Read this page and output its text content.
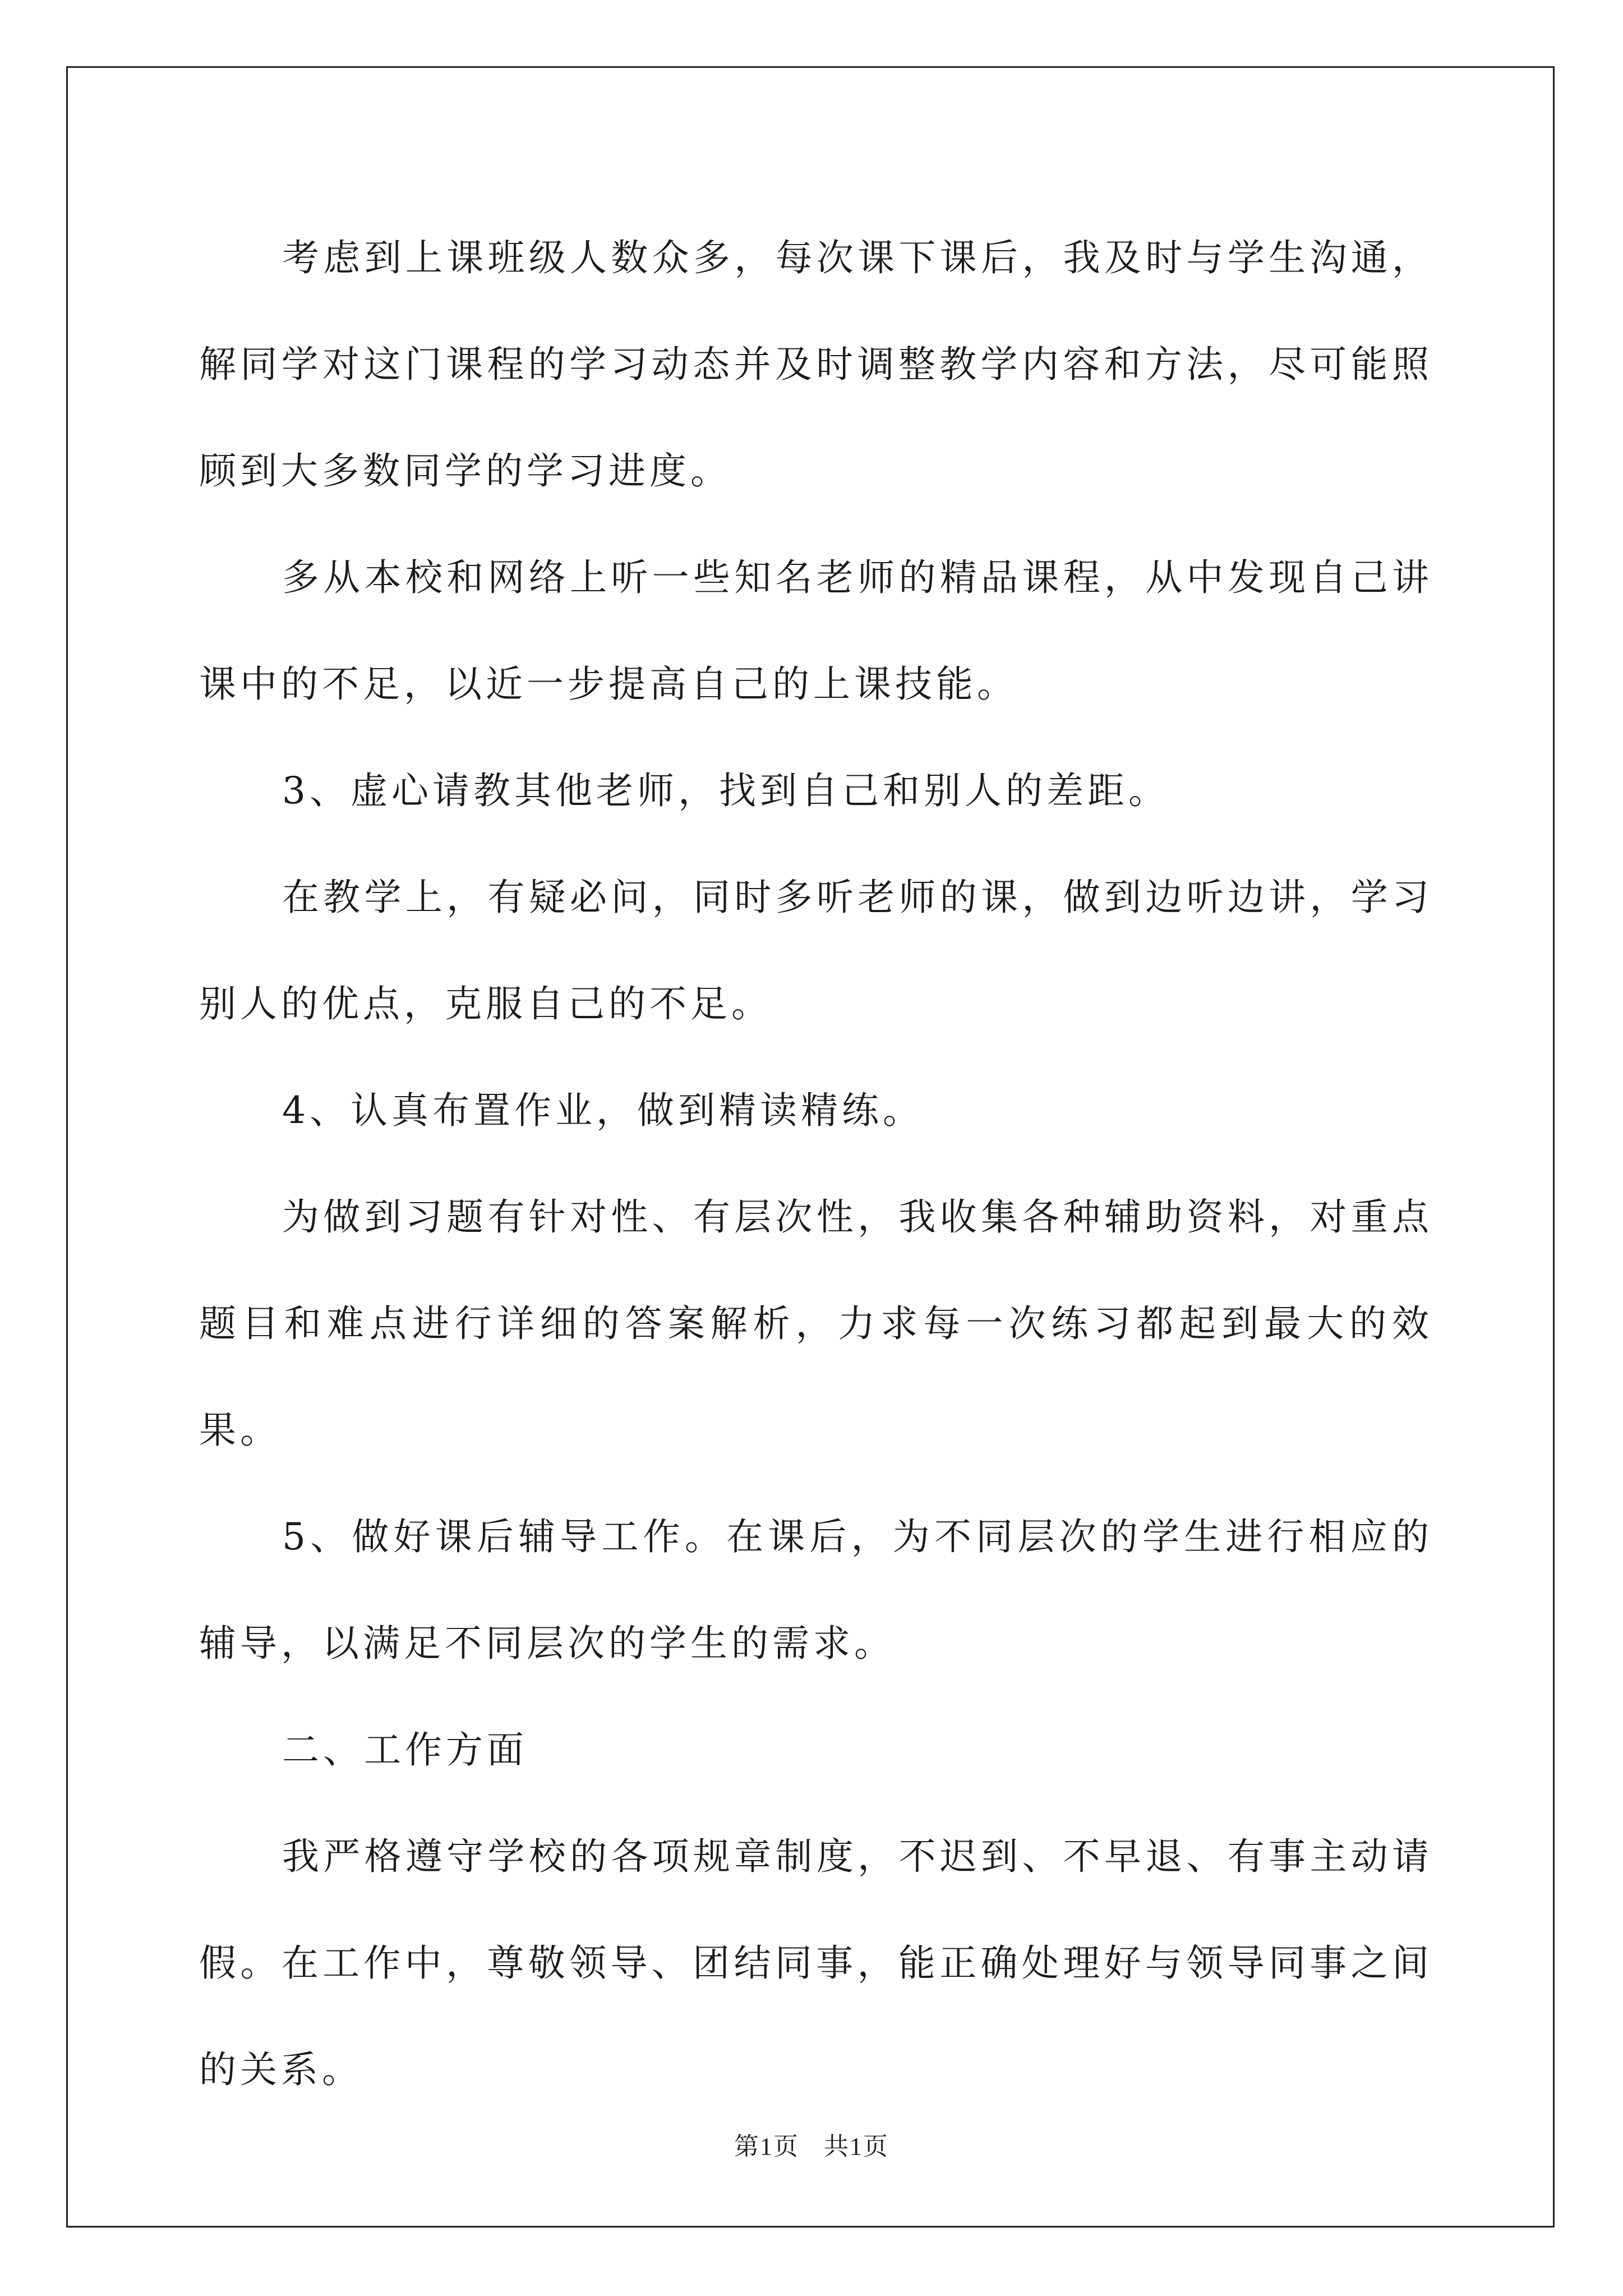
考虑到上课班级人数众多，每次课下课后，我及时与学生沟通，解同学对这门课程的学习动态并及时调整教学内容和方法，尽可能照顾到大多数同学的学习进度。

多从本校和网络上听一些知名老师的精品课程，从中发现自己讲课中的不足，以近一步提高自己的上课技能。

3、虚心请教其他老师，找到自己和别人的差距。

在教学上，有疑必问，同时多听老师的课，做到边听边讲，学习别人的优点，克服自己的不足。

4、认真布置作业，做到精读精练。

为做到习题有针对性、有层次性，我收集各种辅助资料，对重点题目和难点进行详细的答案解析，力求每一次练习都起到最大的效果。

5、做好课后辅导工作。在课后，为不同层次的学生进行相应的辅导，以满足不同层次的学生的需求。

二、工作方面

我严格遵守学校的各项规章制度，不迟到、不早退、有事主动请假。在工作中，尊敬领导、团结同事，能正确处理好与领导同事之间的关系。

第1页 共1页
